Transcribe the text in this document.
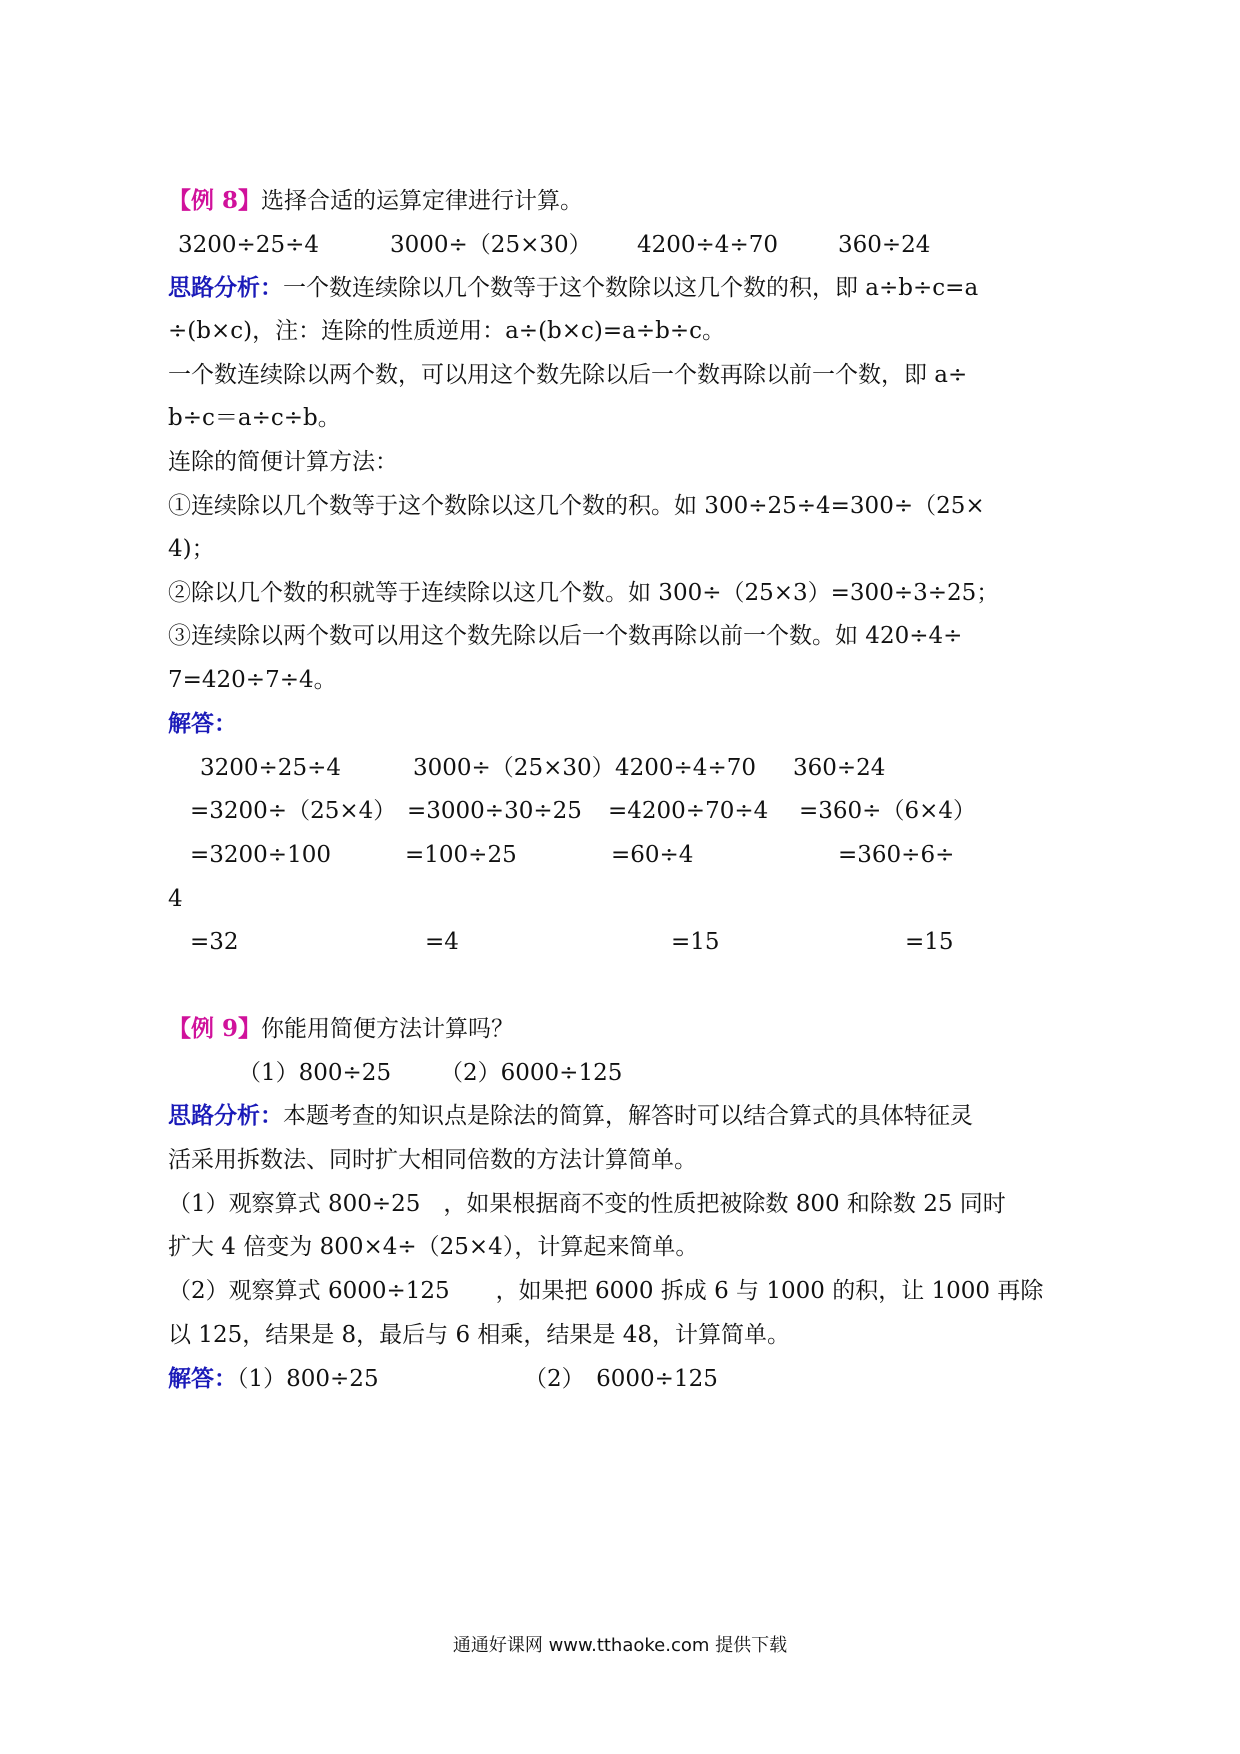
【例 8】选择合适的运算定律进行计算。
3200÷25÷4	3000÷（25×30） 4200÷4÷70	360÷24
思路分析：一个数连续除以几个数等于这个数除以这几个数的积，即 a÷b÷c=a
÷(b×c)，注：连除的性质逆用：a÷(b×c)=a÷b÷c。
一个数连续除以两个数，可以用这个数先除以后一个数再除以前一个数，即 a÷
b÷c＝a÷c÷b。
连除的简便计算方法：
①连续除以几个数等于这个数除以这几个数的积。如 300÷25÷4=300÷（25×
4)；
②除以几个数的积就等于连续除以这几个数。如 300÷（25×3）=300÷3÷25；
③连续除以两个数可以用这个数先除以后一个数再除以前一个数。如 420÷4÷
7=420÷7÷4。
解答：
3200÷25÷4	3000÷（25×30） 4200÷4÷70 360÷24
=3200÷（25×4） =3000÷30÷25 =4200÷70÷4 =360÷（6×4）
=3200÷100	=100÷25	=60÷4	=360÷6÷
4
=32	=4	=15	=15
【例 9】你能用简便方法计算吗？
（1）800÷25 （2）6000÷125
思路分析：本题考查的知识点是除法的简算，解答时可以结合算式的具体特征灵
活采用拆数法、同时扩大相同倍数的方法计算简单。
（1）观察算式 800÷25　，如果根据商不变的性质把被除数 800 和除数 25 同时
扩大 4 倍变为 800×4÷（25×4），计算起来简单。
（2）观察算式 6000÷125　　，如果把 6000 拆成 6 与 1000 的积，让 1000 再除
以 125，结果是 8，最后与 6 相乘，结果是 48，计算简单。
解答：（1）800÷25	（2）　6000÷125
通通好课网 www.tthaoke.com 提供下载
